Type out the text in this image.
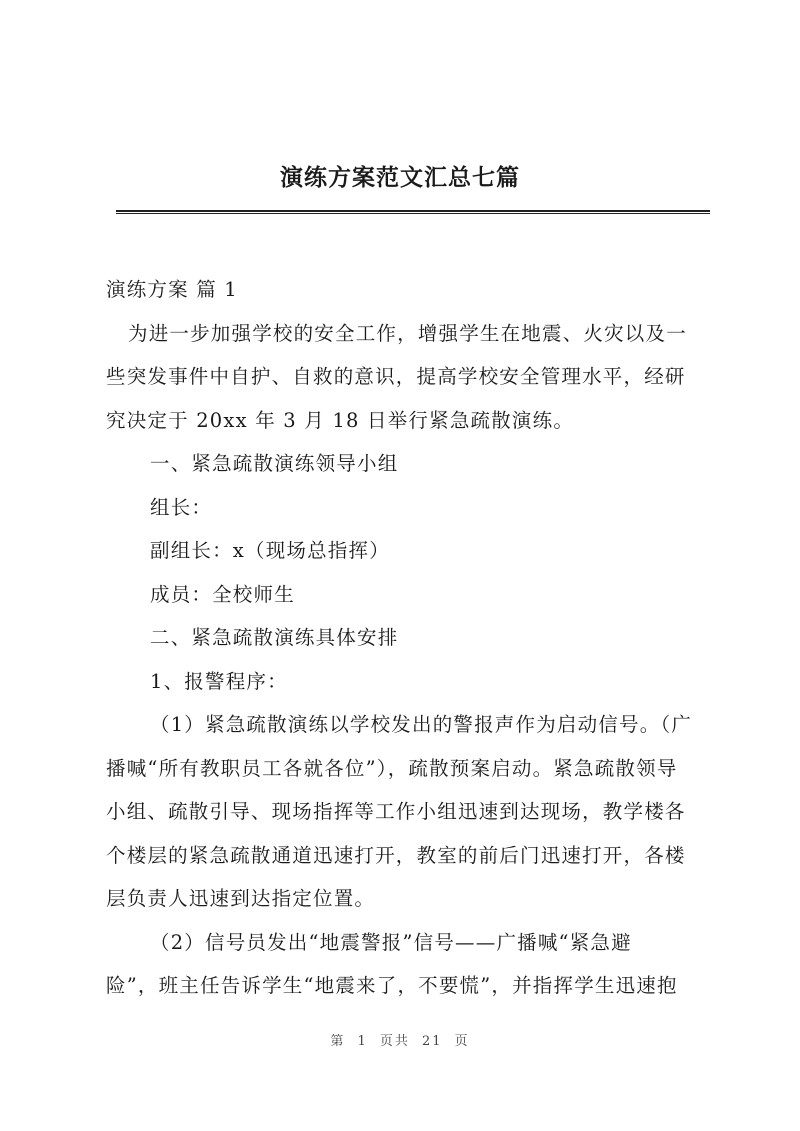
演练方案范文汇总七篇
演练方案 篇 1
为进一步加强学校的安全工作，增强学生在地震、火灾以及一
些突发事件中自护、自救的意识，提高学校安全管理水平，经研
究决定于 20xx 年 3 月 18 日举行紧急疏散演练。
一、紧急疏散演练领导小组
组长：
副组长：x（现场总指挥）
成员：全校师生
二、紧急疏散演练具体安排
1、报警程序：
（1）紧急疏散演练以学校发出的警报声作为启动信号。（广
播喊“所有教职员工各就各位”），疏散预案启动。紧急疏散领导
小组、疏散引导、现场指挥等工作小组迅速到达现场，教学楼各
个楼层的紧急疏散通道迅速打开，教室的前后门迅速打开，各楼
层负责人迅速到达指定位置。
（2）信号员发出“地震警报”信号——广播喊“紧急避
险”，班主任告诉学生“地震来了，不要慌”，并指挥学生迅速抱
第 1 页共 21 页
